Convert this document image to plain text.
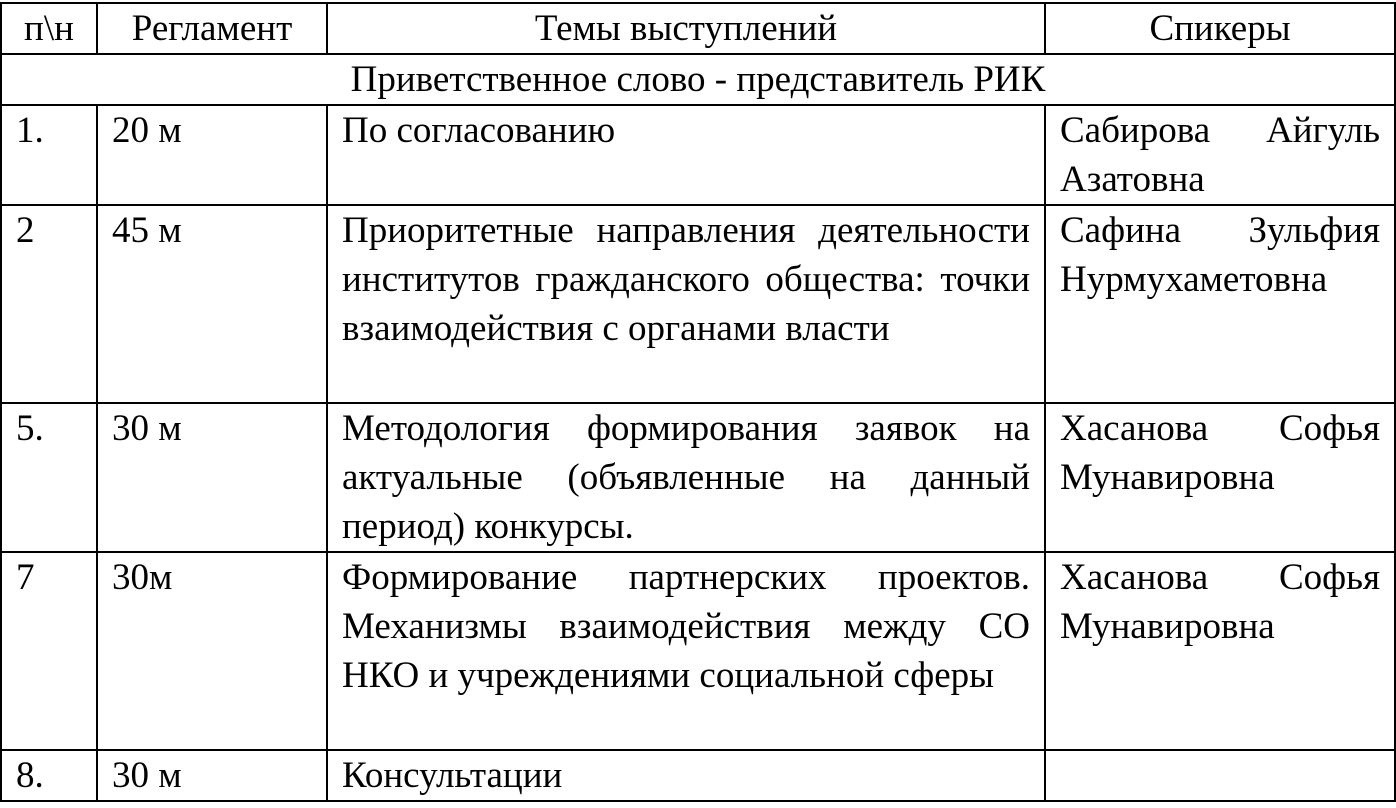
п\н	Регламент	Темы выступлений	Спикеры
Приветственное слово - представитель РИК			
1.	20 м	По согласованию	Сабирова Айгуль Азатовна
2	45 м	Приоритетные направления деятельности институтов гражданского общества: точки взаимодействия с органами власти	Сафина Зульфия Нурмухаметовна
5.	30 м	Методология формирования заявок на актуальные (объявленные на данный период) конкурсы.	Хасанова Софья Мунавировна
7	30м	Формирование партнерских проектов. Механизмы взаимодействия между СО НКО и учреждениями социальной сферы	Хасанова Софья Мунавировна
8.	30 м	Консультации	
